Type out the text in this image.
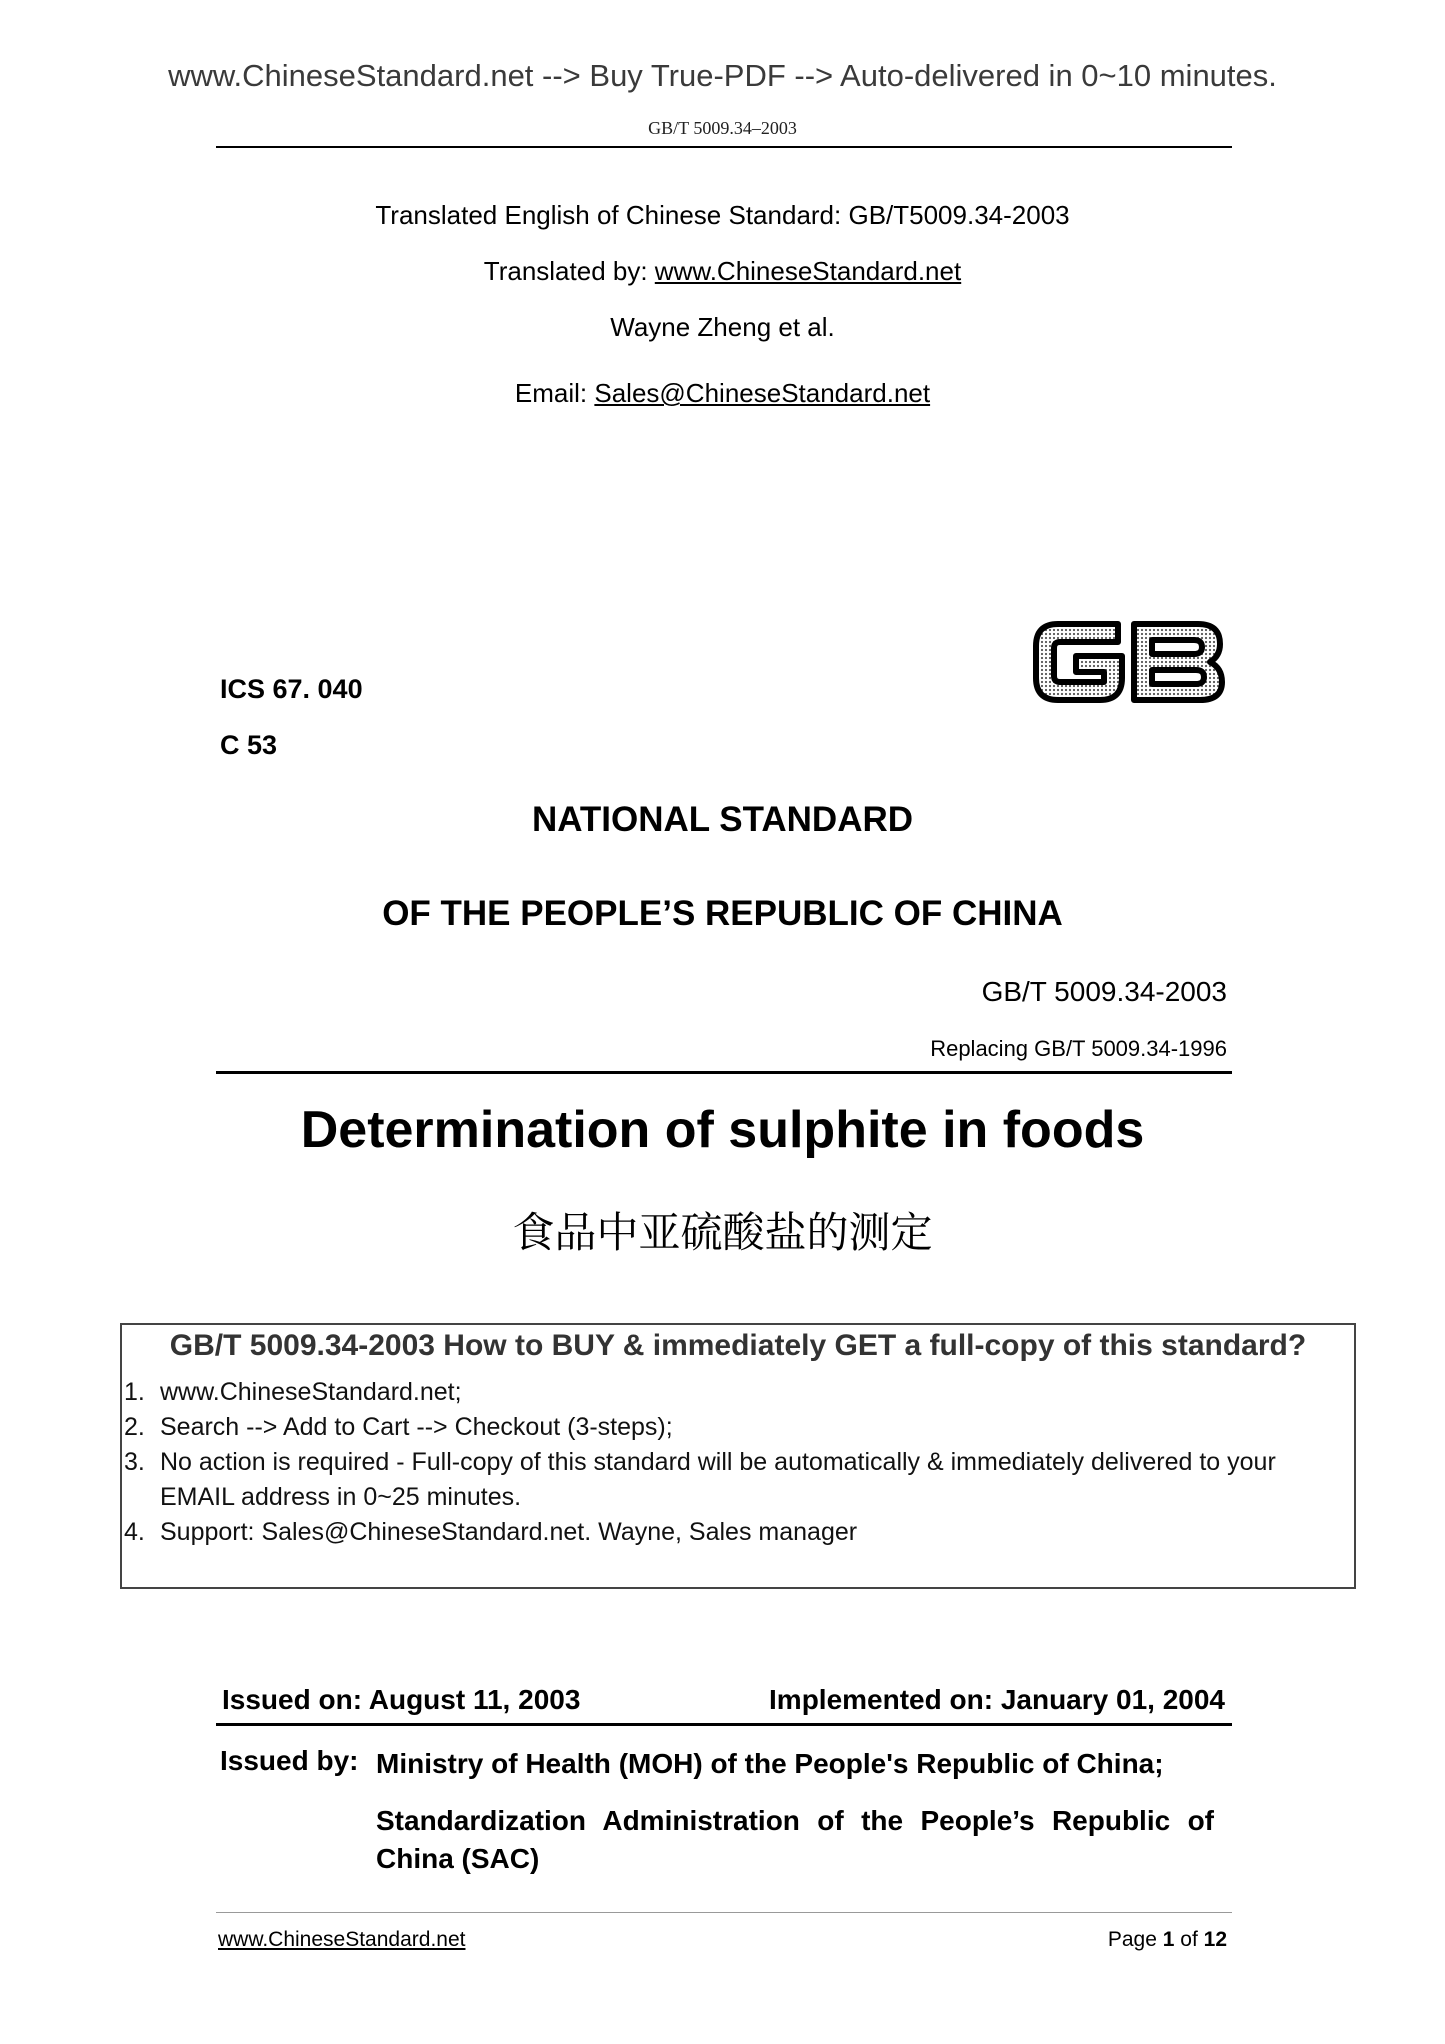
www.ChineseStandard.net --> Buy True-PDF --> Auto-delivered in 0~10 minutes.
GB/T 5009.34–2003
Translated English of Chinese Standard: GB/T5009.34-2003
Translated by: www.ChineseStandard.net
Wayne Zheng et al.
Email: Sales@ChineseStandard.net
ICS 67. 040
C 53
NATIONAL STANDARD
OF THE PEOPLE’S REPUBLIC OF CHINA
GB/T 5009.34-2003
Replacing GB/T 5009.34-1996
Determination of sulphite in foods
食品中亚硫酸盐的测定
GB/T 5009.34-2003 How to BUY & immediately GET a full-copy of this standard?
1. www.ChineseStandard.net;
2. Search --> Add to Cart --> Checkout (3-steps);
3. No action is required - Full-copy of this standard will be automatically & immediately delivered to your EMAIL address in 0~25 minutes.
4. Support: Sales@ChineseStandard.net. Wayne, Sales manager
Issued on: August 11, 2003	Implemented on: January 01, 2004
Issued by: Ministry of Health (MOH) of the People's Republic of China;
Standardization Administration of the People’s Republic of China (SAC)
www.ChineseStandard.net	Page 1 of 12
